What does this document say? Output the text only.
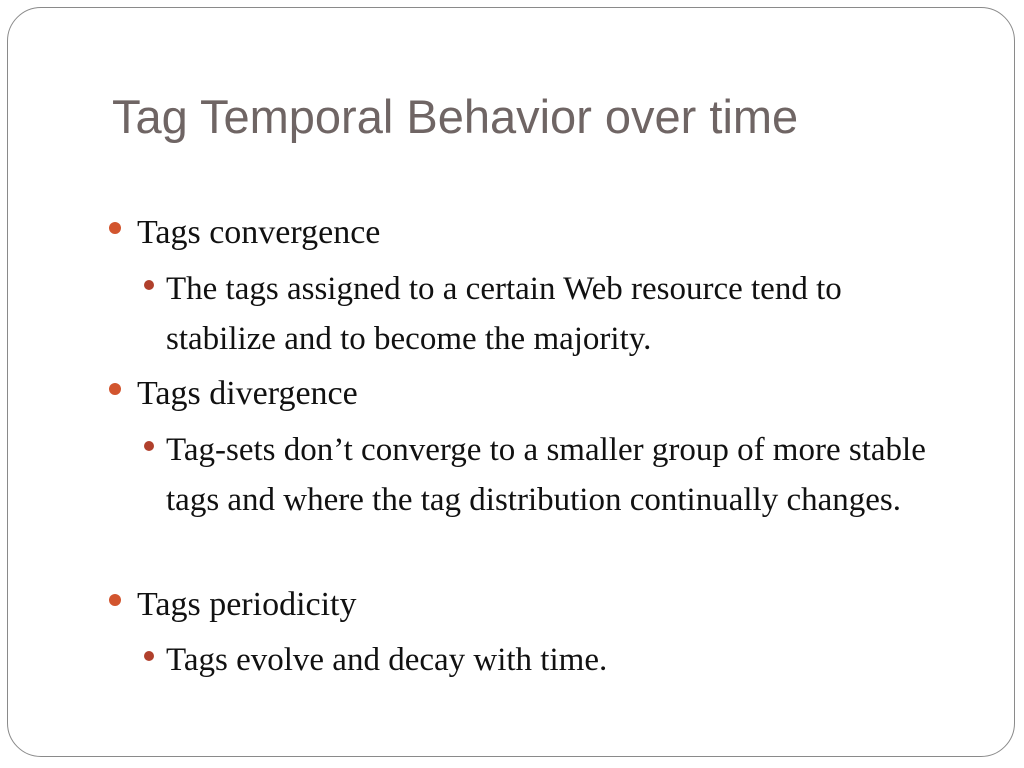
Tag Temporal Behavior over time
Tags convergence
The tags assigned to a certain Web resource tend to stabilize and to become the majority.
Tags divergence
Tag-sets don’t converge to a smaller group of more stable tags and where the tag distribution continually changes.
Tags periodicity
Tags evolve and decay with time.
